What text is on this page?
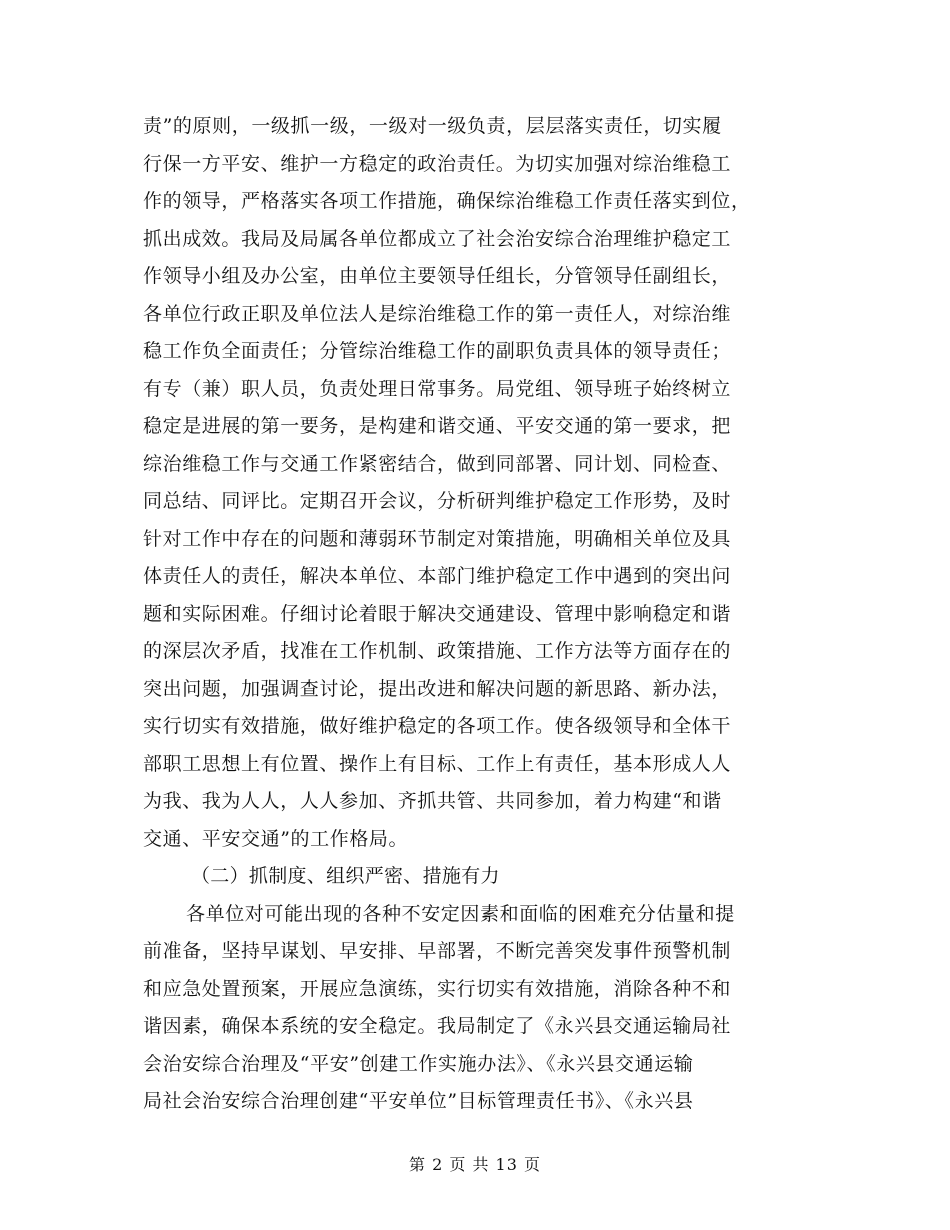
责”的原则，一级抓一级，一级对一级负责，层层落实责任，切实履
行保一方平安、维护一方稳定的政治责任。为切实加强对综治维稳工
作的领导，严格落实各项工作措施，确保综治维稳工作责任落实到位，
抓出成效。我局及局属各单位都成立了社会治安综合治理维护稳定工
作领导小组及办公室，由单位主要领导任组长，分管领导任副组长，
各单位行政正职及单位法人是综治维稳工作的第一责任人，对综治维
稳工作负全面责任；分管综治维稳工作的副职负责具体的领导责任；
有专（兼）职人员，负责处理日常事务。局党组、领导班子始终树立
稳定是进展的第一要务，是构建和谐交通、平安交通的第一要求，把
综治维稳工作与交通工作紧密结合，做到同部署、同计划、同检查、
同总结、同评比。定期召开会议，分析研判维护稳定工作形势，及时
针对工作中存在的问题和薄弱环节制定对策措施，明确相关单位及具
体责任人的责任，解决本单位、本部门维护稳定工作中遇到的突出问
题和实际困难。仔细讨论着眼于解决交通建设、管理中影响稳定和谐
的深层次矛盾，找准在工作机制、政策措施、工作方法等方面存在的
突出问题，加强调查讨论，提出改进和解决问题的新思路、新办法，
实行切实有效措施，做好维护稳定的各项工作。使各级领导和全体干
部职工思想上有位置、操作上有目标、工作上有责任，基本形成人人
为我、我为人人，人人参加、齐抓共管、共同参加，着力构建“和谐
交通、平安交通”的工作格局。
（二）抓制度、组织严密、措施有力
各单位对可能出现的各种不安定因素和面临的困难充分估量和提
前准备，坚持早谋划、早安排、早部署，不断完善突发事件预警机制
和应急处置预案，开展应急演练，实行切实有效措施，消除各种不和
谐因素，确保本系统的安全稳定。我局制定了《永兴县交通运输局社
会治安综合治理及“平安”创建工作实施办法》、《永兴县交通运输
局社会治安综合治理创建“平安单位”目标管理责任书》、《永兴县
第 2 页 共 13 页
